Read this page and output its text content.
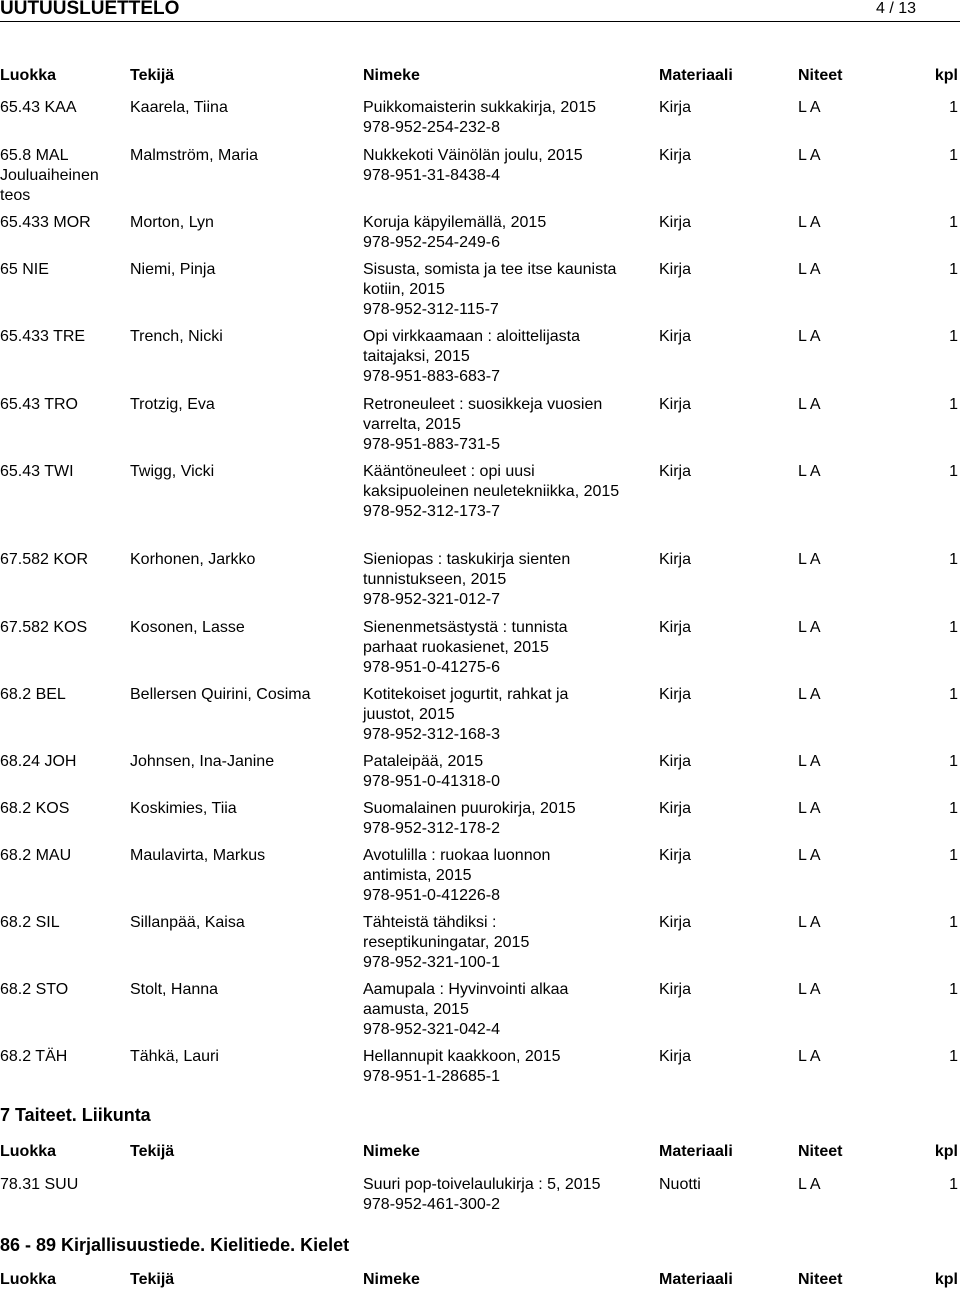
UUTUUSLUETTELO	4 / 13
Luokka	Tekijä	Nimeke	Materiaali	Niteet	kpl
65.43 KAA	Kaarela, Tiina	Puikkomaisterin sukkakirja, 2015
978-952-254-232-8
Kirja	L A	1
65.8 MAL
Jouluaiheinen
teos
Malmström, Maria	Nukkekoti Väinölän joulu, 2015
978-951-31-8438-4
Kirja	L A	1
65.433 MOR Morton, Lyn	Koruja käpyilemällä, 2015
978-952-254-249-6
Kirja	L A	1
65 NIE	Niemi, Pinja	Sisusta, somista ja tee itse kaunista
kotiin, 2015
978-952-312-115-7
Kirja	L A	1
65.433 TRE	Trench, Nicki	Opi virkkaamaan : aloittelijasta
taitajaksi, 2015
978-951-883-683-7
Kirja	L A	1
65.43 TRO	Trotzig, Eva	Retroneuleet : suosikkeja vuosien
varrelta, 2015
978-951-883-731-5
Kirja	L A	1
65.43 TWI	Twigg, Vicki	Kääntöneuleet : opi uusi
kaksipuoleinen neuletekniikka, 2015
978-952-312-173-7
Kirja	L A	1
67.582 KOR	Korhonen, Jarkko	Sieniopas : taskukirja sienten
tunnistukseen, 2015
978-952-321-012-7
Kirja	L A	1
67.582 KOS	Kosonen, Lasse	Sienenmetsästystä : tunnista
parhaat ruokasienet, 2015
978-951-0-41275-6
Kirja	L A	1
68.2 BEL	Bellersen Quirini, Cosima	Kotitekoiset jogurtit, rahkat ja
juustot, 2015
978-952-312-168-3
Kirja	L A	1
68.24 JOH	Johnsen, Ina-Janine	Pataleipää, 2015
978-951-0-41318-0
Kirja	L A	1
68.2 KOS	Koskimies, Tiia	Suomalainen puurokirja, 2015
978-952-312-178-2
Kirja	L A	1
68.2 MAU	Maulavirta, Markus	Avotulilla : ruokaa luonnon
antimista, 2015
978-951-0-41226-8
Kirja	L A	1
68.2 SIL	Sillanpää, Kaisa	Tähteistä tähdiksi :
reseptikuningatar, 2015
978-952-321-100-1
Kirja	L A	1
68.2 STO	Stolt, Hanna	Aamupala : Hyvinvointi alkaa
aamusta, 2015
978-952-321-042-4
Kirja	L A	1
68.2 TÄH	Tähkä, Lauri	Hellannupit kaakkoon, 2015
978-951-1-28685-1
Kirja	L A	1
7 Taiteet. Liikunta
Luokka	Tekijä	Nimeke	Materiaali	Niteet	kpl
78.31 SUU	Suuri pop-toivelaulukirja : 5, 2015
978-952-461-300-2
Nuotti	L A	1
86 - 89 Kirjallisuustiede. Kielitiede. Kielet
Luokka	Tekijä	Nimeke	Materiaali	Niteet	kpl
